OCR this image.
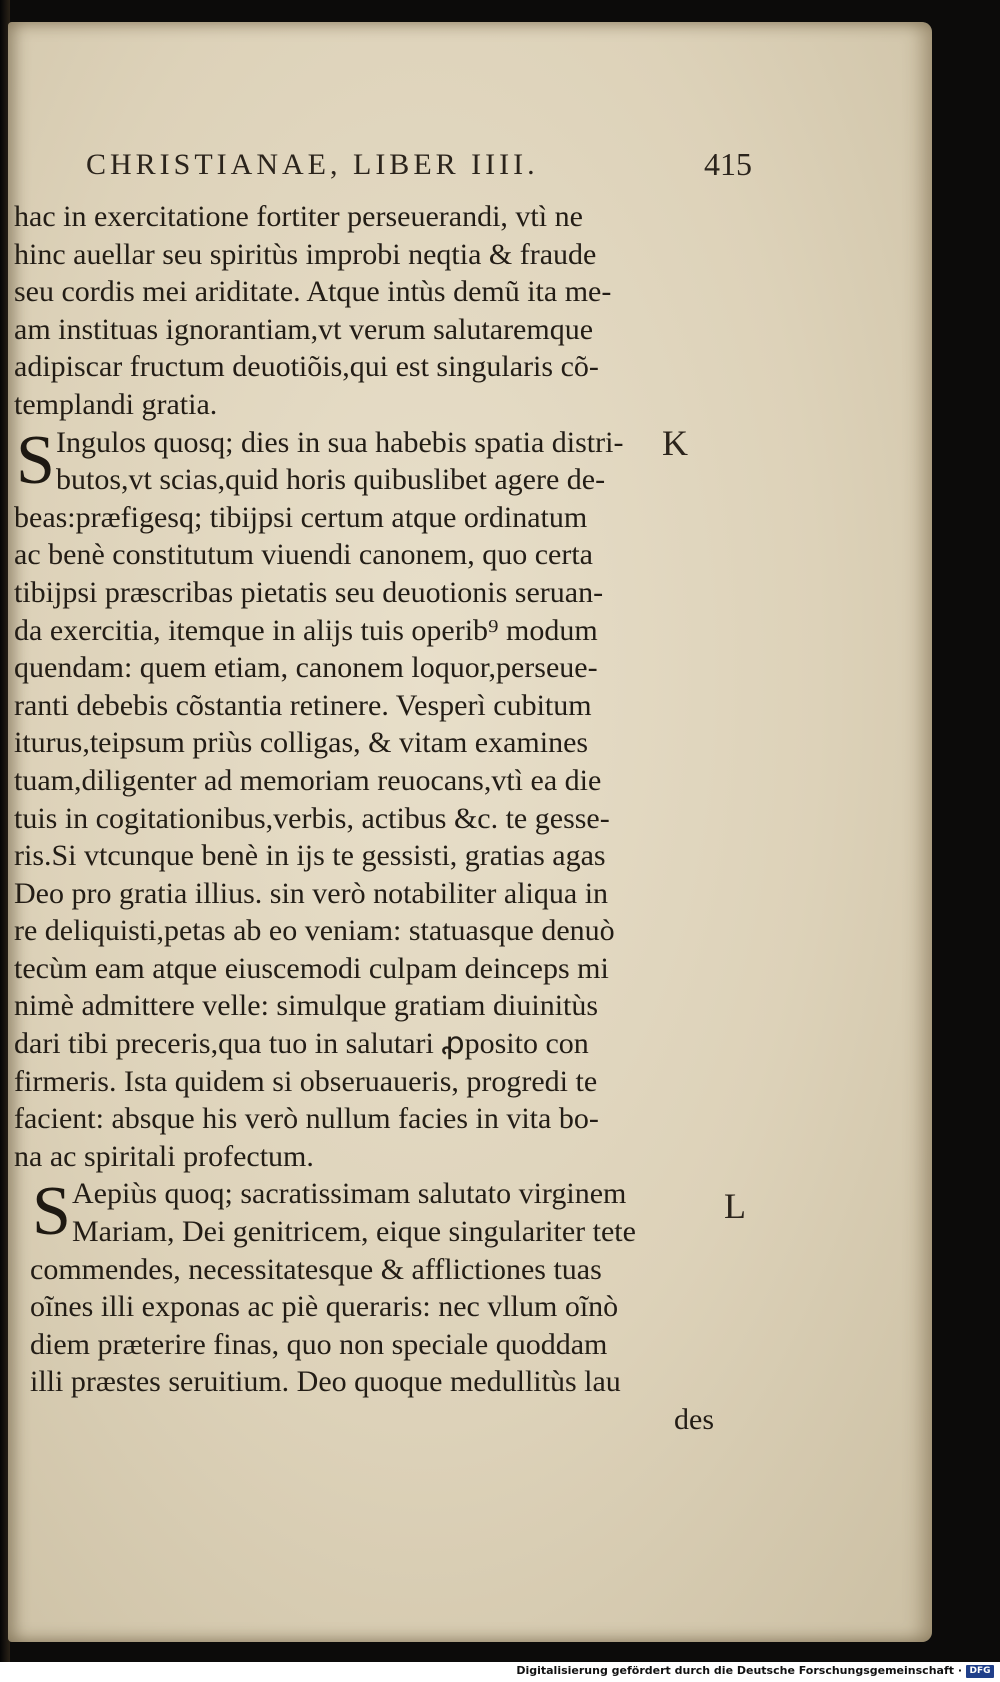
CHRISTIANAE, LIBER IIII.	415
hac in exercitatione fortiter perseuerandi, vtì ne
hinc auellar seu spiritùs improbi neqtia & fraude
seu cordis mei ariditate. Atque intùs demũ ita me-
am instituas ignorantiam,vt verum salutaremque
adipiscar fructum deuotiõis,qui est singularis cõ-
templandi gratia.
S	K
Ingulos quosq; dies in sua habebis spatia distri-
butos,vt scias,quid horis quibuslibet agere de-
beas:præfigesq; tibijpsi certum atque ordinatum
ac benè constitutum viuendi canonem, quo certa
tibijpsi præscribas pietatis seu deuotionis seruan-
da exercitia, itemque in alijs tuis operib⁹ modum
quendam: quem etiam, canonem loquor,perseue-
ranti debebis cõstantia retinere. Vesperì cubitum
iturus,teipsum priùs colligas, & vitam examines
tuam,diligenter ad memoriam reuocans,vtì ea die
tuis in cogitationibus,verbis, actibus &c. te gesse-
ris.Si vtcunque benè in ijs te gessisti, gratias agas
Deo pro gratia illius. sin verò notabiliter aliqua in
re deliquisti,petas ab eo veniam: statuasque denuò
tecùm eam atque eiuscemodi culpam deinceps mi
nimè admittere velle: simulque gratiam diuinitùs
dari tibi preceris,qua tuo in salutari ꝓposito con
firmeris. Ista quidem si obseruaueris, progredi te
facient: absque his verò nullum facies in vita bo-
na ac spiritali profectum.
S	L
Aepiùs quoq; sacratissimam salutato virginem
Mariam, Dei genitricem, eique singulariter tete
commendes, necessitatesque & afflictiones tuas
oĩnes illi exponas ac piè queraris: nec vllum oĩnò
diem præterire finas, quo non speciale quoddam
illi præstes seruitium. Deo quoque medullitùs lau
des
Digitalisierung gefördert durch die Deutsche Forschungsgemeinschaft · DFG
